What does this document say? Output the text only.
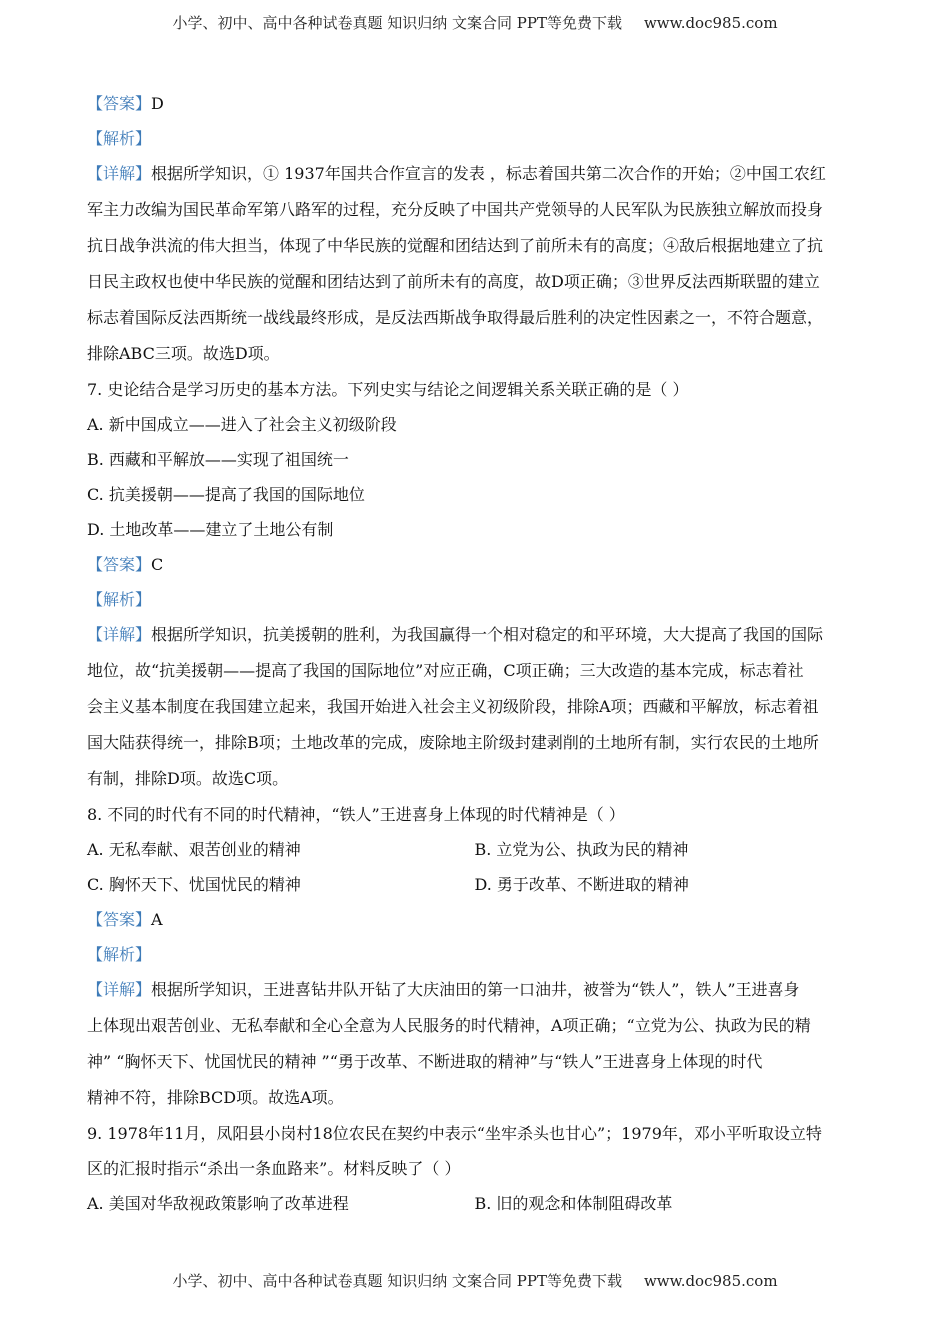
小学、初中、高中各种试卷真题 知识归纳 文案合同 PPT等免费下载 www.doc985.com
【答案】D
【解析】
【详解】根据所学知识，① 1937年国共合作宣言的发表 ，标志着国共第二次合作的开始；②中国工农红
军主力改编为国民革命军第八路军的过程，充分反映了中国共产党领导的人民军队为民族独立解放而投身
抗日战争洪流的伟大担当，体现了中华民族的觉醒和团结达到了前所未有的高度；④敌后根据地建立了抗
日民主政权也使中华民族的觉醒和团结达到了前所未有的高度，故D项正确；③世界反法西斯联盟的建立
标志着国际反法西斯统一战线最终形成，是反法西斯战争取得最后胜利的决定性因素之一，不符合题意，
排除ABC三项。故选D项。
7. 史论结合是学习历史的基本方法。下列史实与结论之间逻辑关系关联正确的是（ ）
A. 新中国成立——进入了社会主义初级阶段
B. 西藏和平解放——实现了祖国统一
C. 抗美援朝——提高了我国的国际地位
D. 土地改革——建立了土地公有制
【答案】C
【解析】
【详解】根据所学知识，抗美援朝的胜利，为我国赢得一个相对稳定的和平环境，大大提高了我国的国际
地位，故“抗美援朝——提高了我国的国际地位”对应正确，C项正确；三大改造的基本完成，标志着社
会主义基本制度在我国建立起来，我国开始进入社会主义初级阶段，排除A项；西藏和平解放，标志着祖
国大陆获得统一，排除B项；土地改革的完成，废除地主阶级封建剥削的土地所有制，实行农民的土地所
有制，排除D项。故选C项。
8. 不同的时代有不同的时代精神，“铁人”王进喜身上体现的时代精神是（ ）
A. 无私奉献、艰苦创业的精神	B. 立党为公、执政为民的精神
C. 胸怀天下、忧国忧民的精神	D. 勇于改革、不断进取的精神
【答案】A
【解析】
【详解】根据所学知识，王进喜钻井队开钻了大庆油田的第一口油井，被誉为“铁人”，铁人”王进喜身
上体现出艰苦创业、无私奉献和全心全意为人民服务的时代精神，A项正确；“立党为公、执政为民的精
神” “胸怀天下、忧国忧民的精神 ”“勇于改革、不断进取的精神”与“铁人”王进喜身上体现的时代
精神不符，排除BCD项。故选A项。
9. 1978年11月，凤阳县小岗村18位农民在契约中表示“坐牢杀头也甘心”；1979年，邓小平听取设立特
区的汇报时指示“杀出一条血路来”。材料反映了（ ）
A. 美国对华敌视政策影响了改革进程	B. 旧的观念和体制阻碍改革
小学、初中、高中各种试卷真题 知识归纳 文案合同 PPT等免费下载 www.doc985.com
